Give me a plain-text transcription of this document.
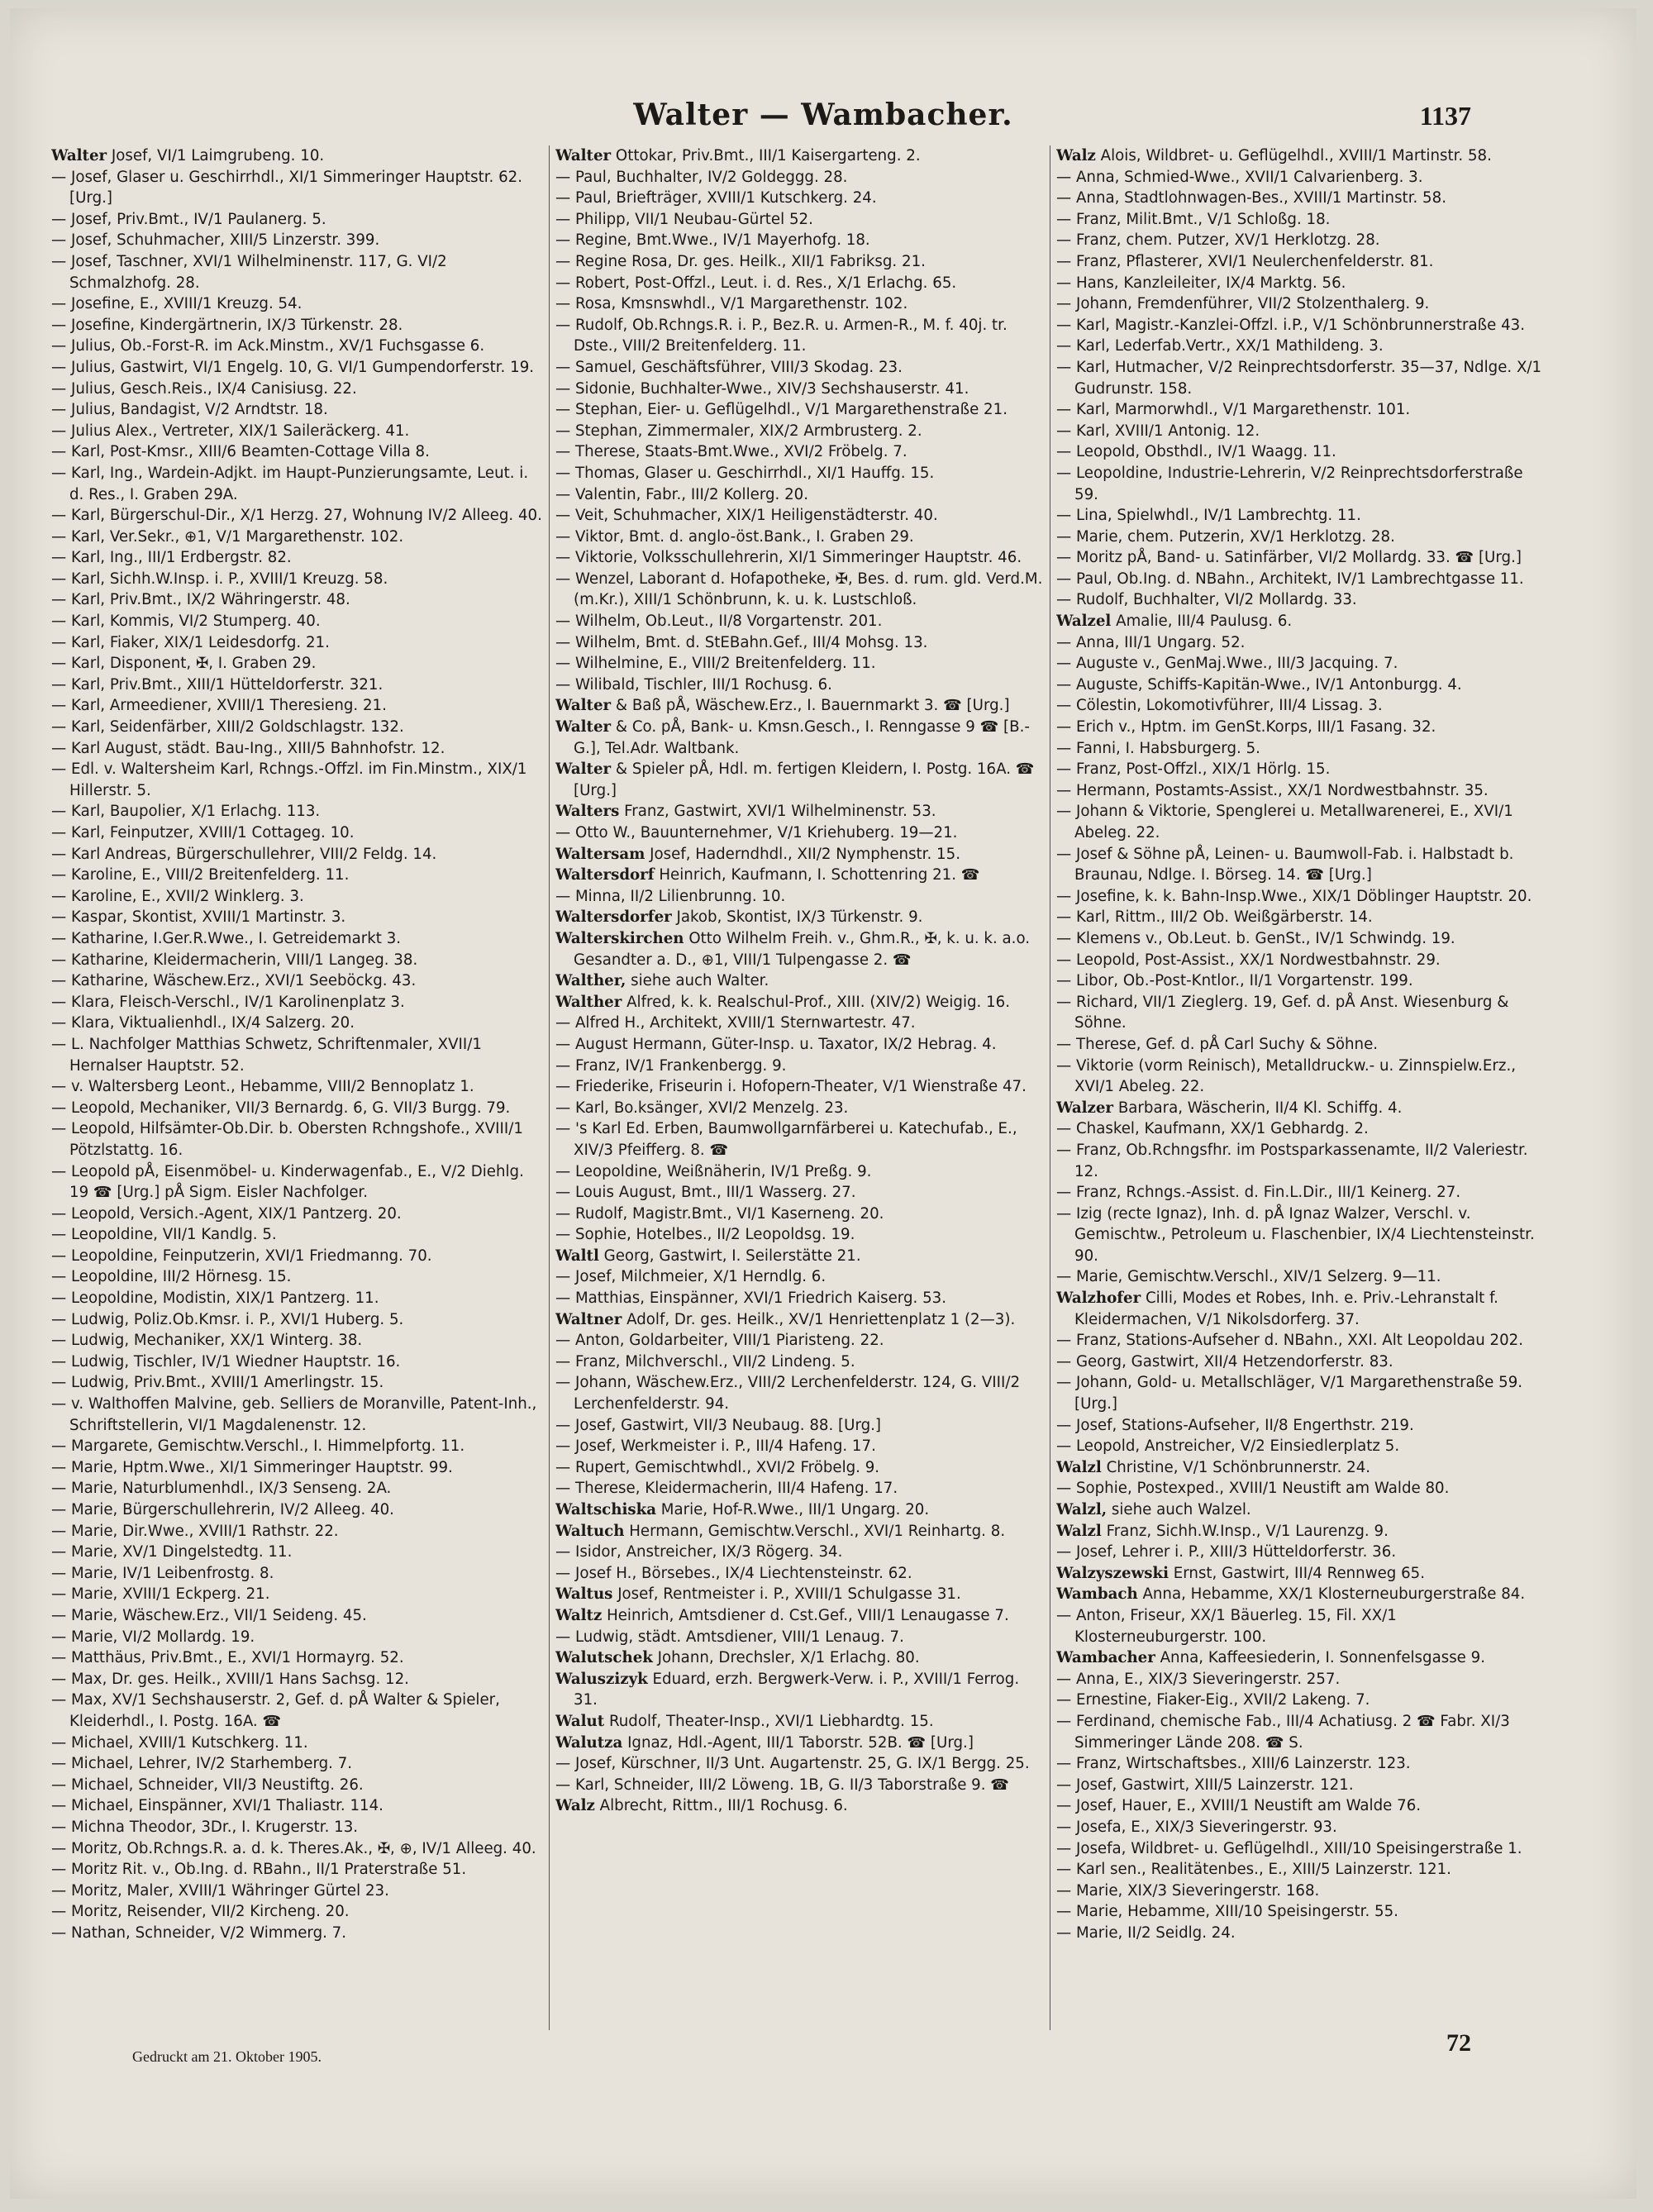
Walter — Wambacher.	1137
Walter Josef, VI/1 Laimgrubeng. 10.
— Josef, Glaser u. Geschirrhdl., XI/1 Simmeringer Hauptstr. 62. [Urg.]
— Josef, Priv.Bmt., IV/1 Paulanerg. 5.
— Josef, Schuhmacher, XIII/5 Linzerstr. 399.
— Josef, Taschner, XVI/1 Wilhelminenstr. 117, G. VI/2 Schmalzhofg. 28.
— Josefine, E., XVIII/1 Kreuzg. 54.
— Josefine, Kindergärtnerin, IX/3 Türkenstr. 28.
— Julius, Ob.-Forst-R. im Ack.Minstm., XV/1 Fuchsgasse 6.
— Julius, Gastwirt, VI/1 Engelg. 10, G. VI/1 Gumpendorferstr. 19.
— Julius, Gesch.Reis., IX/4 Canisiusg. 22.
— Julius, Bandagist, V/2 Arndtstr. 18.
— Julius Alex., Vertreter, XIX/1 Saileräckerg. 41.
— Karl, Post-Kmsr., XIII/6 Beamten-Cottage Villa 8.
— Karl, Ing., Wardein-Adjkt. im Haupt-Punzierungsamte, Leut. i. d. Res., I. Graben 29A.
— Karl, Bürgerschul-Dir., X/1 Herzg. 27, Wohnung IV/2 Alleeg. 40.
— Karl, Ver.Sekr., ⊕1, V/1 Margarethenstr. 102.
— Karl, Ing., III/1 Erdbergstr. 82.
— Karl, Sichh.W.Insp. i. P., XVIII/1 Kreuzg. 58.
— Karl, Priv.Bmt., IX/2 Währingerstr. 48.
— Karl, Kommis, VI/2 Stumperg. 40.
— Karl, Fiaker, XIX/1 Leidesdorfg. 21.
— Karl, Disponent, ✠, I. Graben 29.
— Karl, Priv.Bmt., XIII/1 Hütteldorferstr. 321.
— Karl, Armeediener, XVIII/1 Theresieng. 21.
— Karl, Seidenfärber, XIII/2 Goldschlagstr. 132.
— Karl August, städt. Bau-Ing., XIII/5 Bahnhofstr. 12.
— Edl. v. Waltersheim Karl, Rchngs.-Offzl. im Fin.Minstm., XIX/1 Hillerstr. 5.
— Karl, Baupolier, X/1 Erlachg. 113.
— Karl, Feinputzer, XVIII/1 Cottageg. 10.
— Karl Andreas, Bürgerschullehrer, VIII/2 Feldg. 14.
— Karoline, E., VIII/2 Breitenfelderg. 11.
— Karoline, E., XVII/2 Winklerg. 3.
— Kaspar, Skontist, XVIII/1 Martinstr. 3.
— Katharine, I.Ger.R.Wwe., I. Getreidemarkt 3.
— Katharine, Kleidermacherin, VIII/1 Langeg. 38.
— Katharine, Wäschew.Erz., XVI/1 Seeböckg. 43.
— Klara, Fleisch-Verschl., IV/1 Karolinenplatz 3.
— Klara, Viktualienhdl., IX/4 Salzerg. 20.
— L. Nachfolger Matthias Schwetz, Schriftenmaler, XVII/1 Hernalser Hauptstr. 52.
— v. Waltersberg Leont., Hebamme, VIII/2 Bennoplatz 1.
— Leopold, Mechaniker, VII/3 Bernardg. 6, G. VII/3 Burgg. 79.
— Leopold, Hilfsämter-Ob.Dir. b. Obersten Rchngshofe., XVIII/1 Pötzlstattg. 16.
— Leopold pÅ, Eisenmöbel- u. Kinderwagenfab., E., V/2 Diehlg. 19 ☎ [Urg.] pÅ Sigm. Eisler Nachfolger.
— Leopold, Versich.-Agent, XIX/1 Pantzerg. 20.
— Leopoldine, VII/1 Kandlg. 5.
— Leopoldine, Feinputzerin, XVI/1 Friedmanng. 70.
— Leopoldine, III/2 Hörnesg. 15.
— Leopoldine, Modistin, XIX/1 Pantzerg. 11.
— Ludwig, Poliz.Ob.Kmsr. i. P., XVI/1 Huberg. 5.
— Ludwig, Mechaniker, XX/1 Winterg. 38.
— Ludwig, Tischler, IV/1 Wiedner Hauptstr. 16.
— Ludwig, Priv.Bmt., XVIII/1 Amerlingstr. 15.
— v. Walthoffen Malvine, geb. Selliers de Moranville, Patent-Inh., Schriftstellerin, VI/1 Magdalenenstr. 12.
— Margarete, Gemischtw.Verschl., I. Himmelpfortg. 11.
— Marie, Hptm.Wwe., XI/1 Simmeringer Hauptstr. 99.
— Marie, Naturblumenhdl., IX/3 Senseng. 2A.
— Marie, Bürgerschullehrerin, IV/2 Alleeg. 40.
— Marie, Dir.Wwe., XVIII/1 Rathstr. 22.
— Marie, XV/1 Dingelstedtg. 11.
— Marie, IV/1 Leibenfrostg. 8.
— Marie, XVIII/1 Eckperg. 21.
— Marie, Wäschew.Erz., VII/1 Seideng. 45.
— Marie, VI/2 Mollardg. 19.
— Matthäus, Priv.Bmt., E., XVI/1 Hormayrg. 52.
— Max, Dr. ges. Heilk., XVIII/1 Hans Sachsg. 12.
— Max, XV/1 Sechshauserstr. 2, Gef. d. pÅ Walter & Spieler, Kleiderhdl., I. Postg. 16A. ☎
— Michael, XVIII/1 Kutschkerg. 11.
— Michael, Lehrer, IV/2 Starhemberg. 7.
— Michael, Schneider, VII/3 Neustiftg. 26.
— Michael, Einspänner, XVI/1 Thaliastr. 114.
— Michna Theodor, 3Dr., I. Krugerstr. 13.
— Moritz, Ob.Rchngs.R. a. d. k. Theres.Ak., ✠, ⊕, IV/1 Alleeg. 40.
— Moritz Rit. v., Ob.Ing. d. RBahn., II/1 Praterstraße 51.
— Moritz, Maler, XVIII/1 Währinger Gürtel 23.
— Moritz, Reisender, VII/2 Kircheng. 20.
— Nathan, Schneider, V/2 Wimmerg. 7.
Walter Ottokar, Priv.Bmt., III/1 Kaisergarteng. 2.
— Paul, Buchhalter, IV/2 Goldeggg. 28.
— Paul, Briefträger, XVIII/1 Kutschkerg. 24.
— Philipp, VII/1 Neubau-Gürtel 52.
— Regine, Bmt.Wwe., IV/1 Mayerhofg. 18.
— Regine Rosa, Dr. ges. Heilk., XII/1 Fabriksg. 21.
— Robert, Post-Offzl., Leut. i. d. Res., X/1 Erlachg. 65.
— Rosa, Kmsnswhdl., V/1 Margarethenstr. 102.
— Rudolf, Ob.Rchngs.R. i. P., Bez.R. u. Armen-R., M. f. 40j. tr. Dste., VIII/2 Breitenfelderg. 11.
— Samuel, Geschäftsführer, VIII/3 Skodag. 23.
— Sidonie, Buchhalter-Wwe., XIV/3 Sechshauserstr. 41.
— Stephan, Eier- u. Geflügelhdl., V/1 Margarethenstraße 21.
— Stephan, Zimmermaler, XIX/2 Armbrusterg. 2.
— Therese, Staats-Bmt.Wwe., XVI/2 Fröbelg. 7.
— Thomas, Glaser u. Geschirrhdl., XI/1 Hauffg. 15.
— Valentin, Fabr., III/2 Kollerg. 20.
— Veit, Schuhmacher, XIX/1 Heiligenstädterstr. 40.
— Viktor, Bmt. d. anglo-öst.Bank., I. Graben 29.
— Viktorie, Volksschullehrerin, XI/1 Simmeringer Hauptstr. 46.
— Wenzel, Laborant d. Hofapotheke, ✠, Bes. d. rum. gld. Verd.M. (m.Kr.), XIII/1 Schönbrunn, k. u. k. Lustschloß.
— Wilhelm, Ob.Leut., II/8 Vorgartenstr. 201.
— Wilhelm, Bmt. d. StEBahn.Gef., III/4 Mohsg. 13.
— Wilhelmine, E., VIII/2 Breitenfelderg. 11.
— Wilibald, Tischler, III/1 Rochusg. 6.
Walter & Baß pÅ, Wäschew.Erz., I. Bauernmarkt 3. ☎ [Urg.]
Walter & Co. pÅ, Bank- u. Kmsn.Gesch., I. Renngasse 9 ☎ [B.-G.], Tel.Adr. Waltbank.
Walter & Spieler pÅ, Hdl. m. fertigen Kleidern, I. Postg. 16A. ☎ [Urg.]
Walters Franz, Gastwirt, XVI/1 Wilhelminenstr. 53.
— Otto W., Bauunternehmer, V/1 Kriehuberg. 19—21.
Waltersam Josef, Haderndhdl., XII/2 Nymphenstr. 15.
Waltersdorf Heinrich, Kaufmann, I. Schottenring 21. ☎
— Minna, II/2 Lilienbrunng. 10.
Waltersdorfer Jakob, Skontist, IX/3 Türkenstr. 9.
Walterskirchen Otto Wilhelm Freih. v., Ghm.R., ✠, k. u. k. a.o. Gesandter a. D., ⊕1, VIII/1 Tulpengasse 2. ☎
Walther, siehe auch Walter.
Walther Alfred, k. k. Realschul-Prof., XIII. (XIV/2) Weigig. 16.
— Alfred H., Architekt, XVIII/1 Sternwartestr. 47.
— August Hermann, Güter-Insp. u. Taxator, IX/2 Hebrag. 4.
— Franz, IV/1 Frankenbergg. 9.
— Friederike, Friseurin i. Hofopern-Theater, V/1 Wienstraße 47.
— Karl, Bo.ksänger, XVI/2 Menzelg. 23.
— 's Karl Ed. Erben, Baumwollgarnfärberei u. Katechufab., E., XIV/3 Pfeifferg. 8. ☎
— Leopoldine, Weißnäherin, IV/1 Preßg. 9.
— Louis August, Bmt., III/1 Wasserg. 27.
— Rudolf, Magistr.Bmt., VI/1 Kaserneng. 20.
— Sophie, Hotelbes., II/2 Leopoldsg. 19.
Waltl Georg, Gastwirt, I. Seilerstätte 21.
— Josef, Milchmeier, X/1 Herndlg. 6.
— Matthias, Einspänner, XVI/1 Friedrich Kaiserg. 53.
Waltner Adolf, Dr. ges. Heilk., XV/1 Henriettenplatz 1 (2—3).
— Anton, Goldarbeiter, VIII/1 Piaristeng. 22.
— Franz, Milchverschl., VII/2 Lindeng. 5.
— Johann, Wäschew.Erz., VIII/2 Lerchenfelderstr. 124, G. VIII/2 Lerchenfelderstr. 94.
— Josef, Gastwirt, VII/3 Neubaug. 88. [Urg.]
— Josef, Werkmeister i. P., III/4 Hafeng. 17.
— Rupert, Gemischtwhdl., XVI/2 Fröbelg. 9.
— Therese, Kleidermacherin, III/4 Hafeng. 17.
Waltschiska Marie, Hof-R.Wwe., III/1 Ungarg. 20.
Waltuch Hermann, Gemischtw.Verschl., XVI/1 Reinhartg. 8.
— Isidor, Anstreicher, IX/3 Rögerg. 34.
— Josef H., Börsebes., IX/4 Liechtensteinstr. 62.
Waltus Josef, Rentmeister i. P., XVIII/1 Schulgasse 31.
Waltz Heinrich, Amtsdiener d. Cst.Gef., VIII/1 Lenaugasse 7.
— Ludwig, städt. Amtsdiener, VIII/1 Lenaug. 7.
Walutschek Johann, Drechsler, X/1 Erlachg. 80.
Waluszizyk Eduard, erzh. Bergwerk-Verw. i. P., XVIII/1 Ferrog. 31.
Walut Rudolf, Theater-Insp., XVI/1 Liebhardtg. 15.
Walutza Ignaz, Hdl.-Agent, III/1 Taborstr. 52B. ☎ [Urg.]
— Josef, Kürschner, II/3 Unt. Augartenstr. 25, G. IX/1 Bergg. 25.
— Karl, Schneider, III/2 Löweng. 1B, G. II/3 Taborstraße 9. ☎
Walz Albrecht, Rittm., III/1 Rochusg. 6.
Walz Alois, Wildbret- u. Geflügelhdl., XVIII/1 Martinstr. 58.
— Anna, Schmied-Wwe., XVII/1 Calvarienberg. 3.
— Anna, Stadtlohnwagen-Bes., XVIII/1 Martinstr. 58.
— Franz, Milit.Bmt., V/1 Schloßg. 18.
— Franz, chem. Putzer, XV/1 Herklotzg. 28.
— Franz, Pflasterer, XVI/1 Neulerchenfelderstr. 81.
— Hans, Kanzleileiter, IX/4 Marktg. 56.
— Johann, Fremdenführer, VII/2 Stolzenthalerg. 9.
— Karl, Magistr.-Kanzlei-Offzl. i.P., V/1 Schönbrunnerstraße 43.
— Karl, Lederfab.Vertr., XX/1 Mathildeng. 3.
— Karl, Hutmacher, V/2 Reinprechtsdorferstr. 35—37, Ndlge. X/1 Gudrunstr. 158.
— Karl, Marmorwhdl., V/1 Margarethenstr. 101.
— Karl, XVIII/1 Antonig. 12.
— Leopold, Obsthdl., IV/1 Waagg. 11.
— Leopoldine, Industrie-Lehrerin, V/2 Reinprechtsdorferstraße 59.
— Lina, Spielwhdl., IV/1 Lambrechtg. 11.
— Marie, chem. Putzerin, XV/1 Herklotzg. 28.
— Moritz pÅ, Band- u. Satinfärber, VI/2 Mollardg. 33. ☎ [Urg.]
— Paul, Ob.Ing. d. NBahn., Architekt, IV/1 Lambrechtgasse 11.
— Rudolf, Buchhalter, VI/2 Mollardg. 33.
Walzel Amalie, III/4 Paulusg. 6.
— Anna, III/1 Ungarg. 52.
— Auguste v., GenMaj.Wwe., III/3 Jacquing. 7.
— Auguste, Schiffs-Kapitän-Wwe., IV/1 Antonburgg. 4.
— Cölestin, Lokomotivführer, III/4 Lissag. 3.
— Erich v., Hptm. im GenSt.Korps, III/1 Fasang. 32.
— Fanni, I. Habsburgerg. 5.
— Franz, Post-Offzl., XIX/1 Hörlg. 15.
— Hermann, Postamts-Assist., XX/1 Nordwestbahnstr. 35.
— Johann & Viktorie, Spenglerei u. Metallwarenerei, E., XVI/1 Abeleg. 22.
— Josef & Söhne pÅ, Leinen- u. Baumwoll-Fab. i. Halbstadt b. Braunau, Ndlge. I. Börseg. 14. ☎ [Urg.]
— Josefine, k. k. Bahn-Insp.Wwe., XIX/1 Döblinger Hauptstr. 20.
— Karl, Rittm., III/2 Ob. Weißgärberstr. 14.
— Klemens v., Ob.Leut. b. GenSt., IV/1 Schwindg. 19.
— Leopold, Post-Assist., XX/1 Nordwestbahnstr. 29.
— Libor, Ob.-Post-Kntlor., II/1 Vorgartenstr. 199.
— Richard, VII/1 Zieglerg. 19, Gef. d. pÅ Anst. Wiesenburg & Söhne.
— Therese, Gef. d. pÅ Carl Suchy & Söhne.
— Viktorie (vorm Reinisch), Metalldruckw.- u. Zinnspielw.Erz., XVI/1 Abeleg. 22.
Walzer Barbara, Wäscherin, II/4 Kl. Schiffg. 4.
— Chaskel, Kaufmann, XX/1 Gebhardg. 2.
— Franz, Ob.Rchngsfhr. im Postsparkassenamte, II/2 Valeriestr. 12.
— Franz, Rchngs.-Assist. d. Fin.L.Dir., III/1 Keinerg. 27.
— Izig (recte Ignaz), Inh. d. pÅ Ignaz Walzer, Verschl. v. Gemischtw., Petroleum u. Flaschenbier, IX/4 Liechtensteinstr. 90.
— Marie, Gemischtw.Verschl., XIV/1 Selzerg. 9—11.
Walzhofer Cilli, Modes et Robes, Inh. e. Priv.-Lehranstalt f. Kleidermachen, V/1 Nikolsdorferg. 37.
— Franz, Stations-Aufseher d. NBahn., XXI. Alt Leopoldau 202.
— Georg, Gastwirt, XII/4 Hetzendorferstr. 83.
— Johann, Gold- u. Metallschläger, V/1 Margarethenstraße 59. [Urg.]
— Josef, Stations-Aufseher, II/8 Engerthstr. 219.
— Leopold, Anstreicher, V/2 Einsiedlerplatz 5.
Walzl Christine, V/1 Schönbrunnerstr. 24.
— Sophie, Postexped., XVIII/1 Neustift am Walde 80.
Walzl, siehe auch Walzel.
Walzl Franz, Sichh.W.Insp., V/1 Laurenzg. 9.
— Josef, Lehrer i. P., XIII/3 Hütteldorferstr. 36.
Walzyszewski Ernst, Gastwirt, III/4 Rennweg 65.
Wambach Anna, Hebamme, XX/1 Klosterneuburgerstraße 84.
— Anton, Friseur, XX/1 Bäuerleg. 15, Fil. XX/1 Klosterneuburgerstr. 100.
Wambacher Anna, Kaffeesiederin, I. Sonnenfelsgasse 9.
— Anna, E., XIX/3 Sieveringerstr. 257.
— Ernestine, Fiaker-Eig., XVII/2 Lakeng. 7.
— Ferdinand, chemische Fab., III/4 Achatiusg. 2 ☎ Fabr. XI/3 Simmeringer Lände 208. ☎ S.
— Franz, Wirtschaftsbes., XIII/6 Lainzerstr. 123.
— Josef, Gastwirt, XIII/5 Lainzerstr. 121.
— Josef, Hauer, E., XVIII/1 Neustift am Walde 76.
— Josefa, E., XIX/3 Sieveringerstr. 93.
— Josefa, Wildbret- u. Geflügelhdl., XIII/10 Speisingerstraße 1.
— Karl sen., Realitätenbes., E., XIII/5 Lainzerstr. 121.
— Marie, XIX/3 Sieveringerstr. 168.
— Marie, Hebamme, XIII/10 Speisingerstr. 55.
— Marie, II/2 Seidlg. 24.
Gedruckt am 21. Oktober 1905.	72
